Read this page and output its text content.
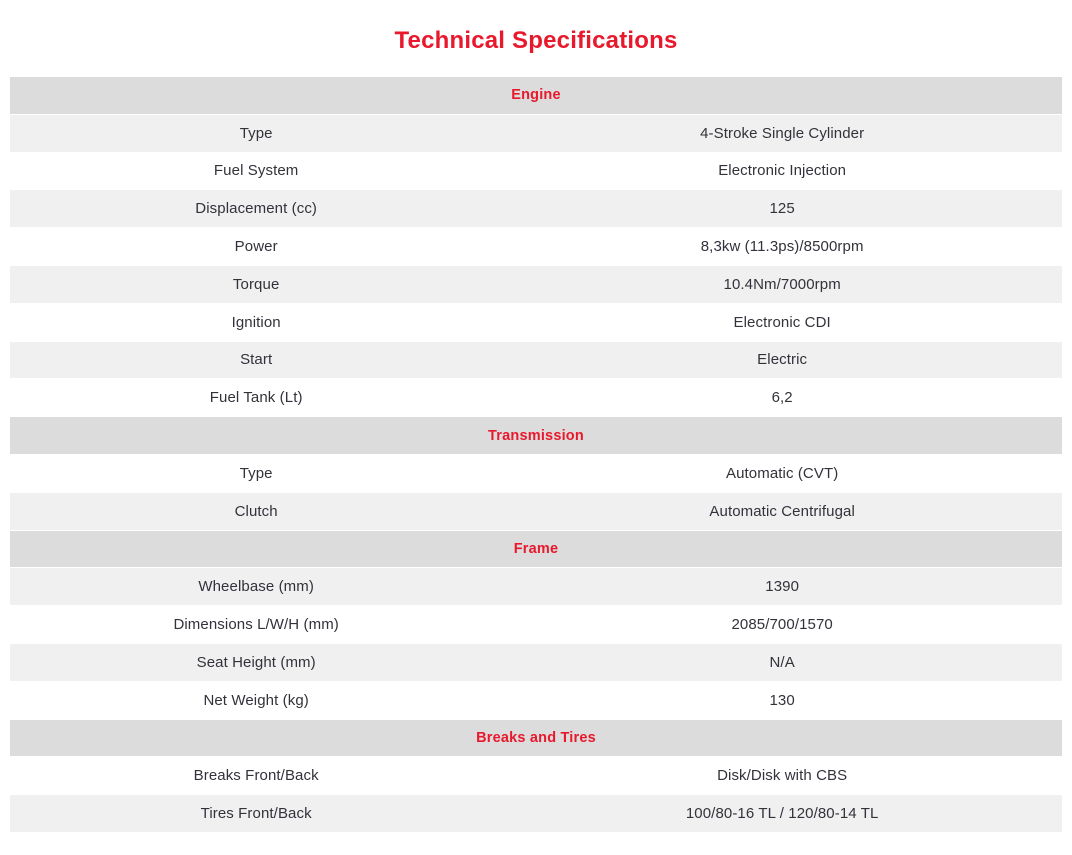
Technical Specifications
Engine
Type	4-Stroke Single Cylinder
Fuel System	Electronic Injection
Displacement (cc)	125
Power	8,3kw (11.3ps)/8500rpm
Torque	10.4Nm/7000rpm
Ignition	Electronic CDI
Start	Electric
Fuel Tank (Lt)	6,2
Transmission
Type	Automatic (CVT)
Clutch	Automatic Centrifugal
Frame
Wheelbase (mm)	1390
Dimensions L/W/H (mm)	2085/700/1570
Seat Height (mm)	N/A
Net Weight (kg)	130
Breaks and Tires
Breaks Front/Back	Disk/Disk with CBS
Tires Front/Back	100/80-16 TL / 120/80-14 TL
